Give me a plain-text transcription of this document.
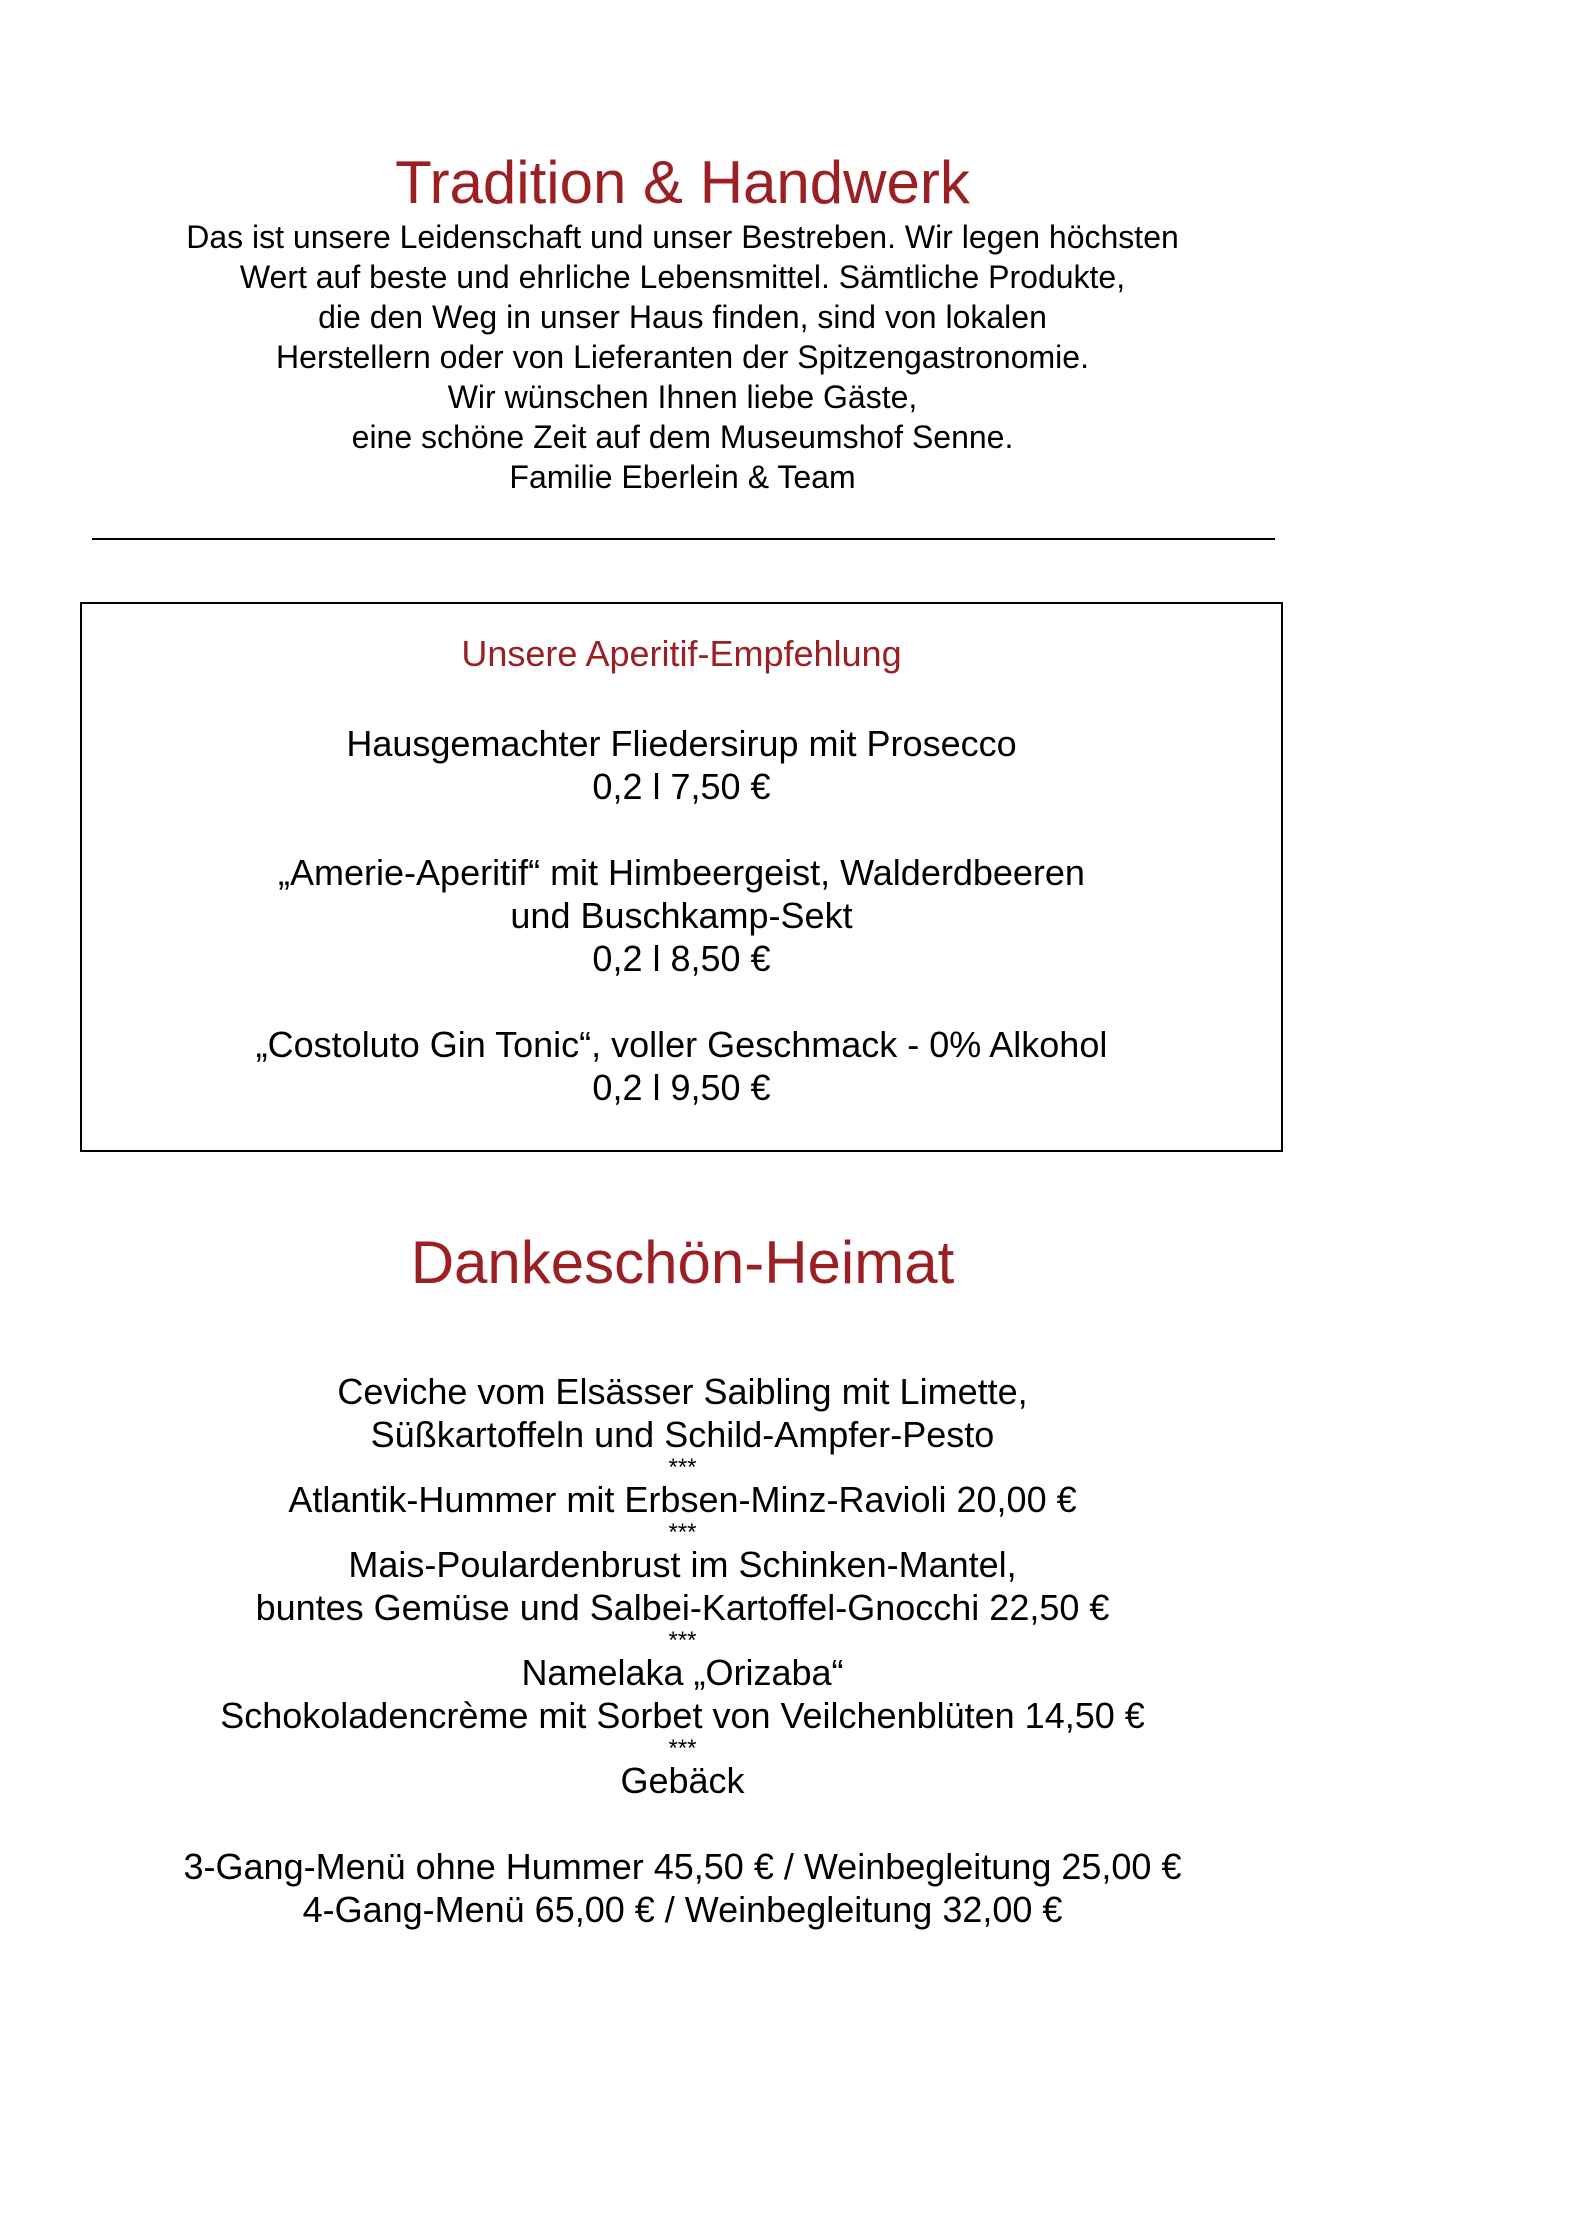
Tradition & Handwerk
Das ist unsere Leidenschaft und unser Bestreben. Wir legen höchsten
Wert auf beste und ehrliche Lebensmittel. Sämtliche Produkte,
die den Weg in unser Haus finden, sind von lokalen
Herstellern oder von Lieferanten der Spitzengastronomie.
Wir wünschen Ihnen liebe Gäste,
eine schöne Zeit auf dem Museumshof Senne.
Familie Eberlein & Team
Unsere Aperitif-Empfehlung
Hausgemachter Fliedersirup mit Prosecco
0,2 l 7,50 €
„Amerie-Aperitif“ mit Himbeergeist, Walderdbeeren
und Buschkamp-Sekt
0,2 l 8,50 €
„Costoluto Gin Tonic“, voller Geschmack - 0% Alkohol
0,2 l 9,50 €
Dankeschön-Heimat
Ceviche vom Elsässer Saibling mit Limette,
Süßkartoffeln und Schild-Ampfer-Pesto
***
Atlantik-Hummer mit Erbsen-Minz-Ravioli 20,00 €
***
Mais-Poulardenbrust im Schinken-Mantel,
buntes Gemüse und Salbei-Kartoffel-Gnocchi 22,50 €
***
Namelaka „Orizaba“
Schokoladencrème mit Sorbet von Veilchenblüten 14,50 €
***
Gebäck
3-Gang-Menü ohne Hummer 45,50 € / Weinbegleitung 25,00 €
4-Gang-Menü 65,00 € / Weinbegleitung 32,00 €
